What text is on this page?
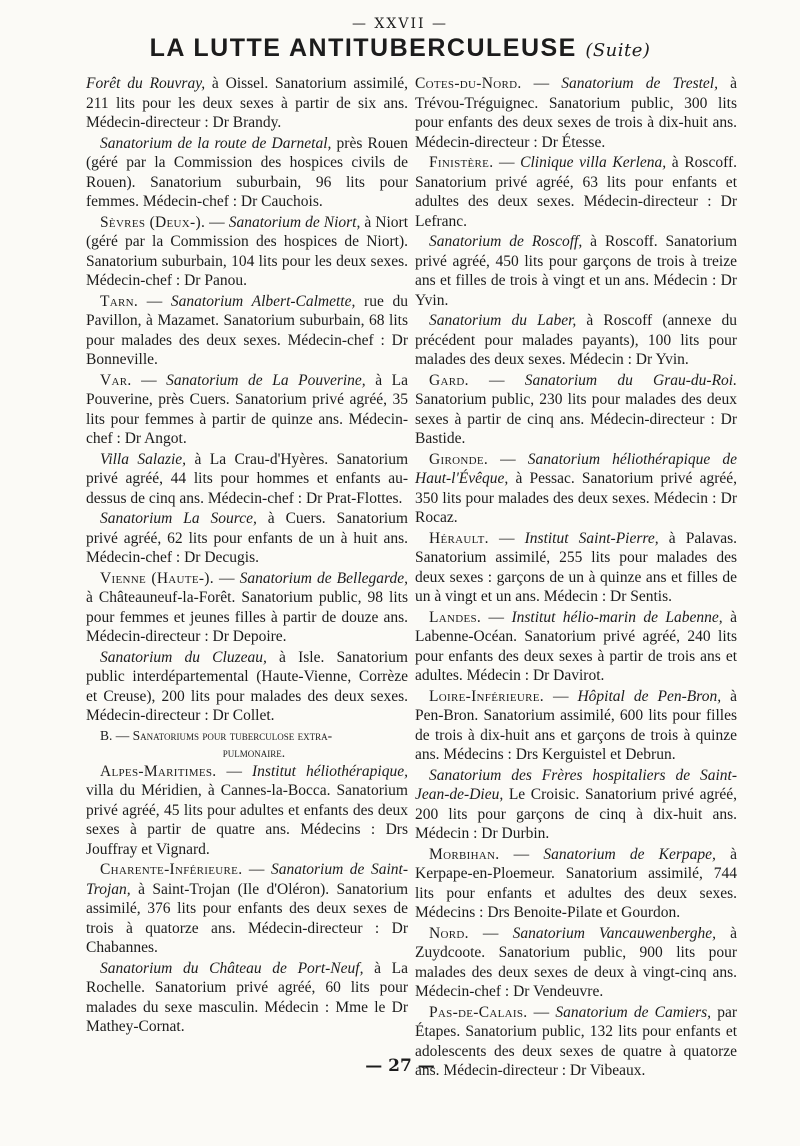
— XXVII —

LA LUTTE ANTITUBERCULEUSE (Suite)

Forêt du Rouvray, à Oissel. Sanatorium assimilé, 211 lits pour les deux sexes à partir de six ans. Médecin-directeur : Dr Brandy.

Sanatorium de la route de Darnetal, près Rouen (géré par la Commission des hospices civils de Rouen). Sanatorium suburbain, 96 lits pour femmes. Médecin-chef : Dr Cauchois.

Sèvres (Deux-). — Sanatorium de Niort, à Niort (géré par la Commission des hospices de Niort). Sanatorium suburbain, 104 lits pour les deux sexes. Médecin-chef : Dr Panou.

Tarn. — Sanatorium Albert-Calmette, rue du Pavillon, à Mazamet. Sanatorium suburbain, 68 lits pour malades des deux sexes. Médecin-chef : Dr Bonneville.

Var. — Sanatorium de La Pouverine, à La Pouverine, près Cuers. Sanatorium privé agréé, 35 lits pour femmes à partir de quinze ans. Médecin-chef : Dr Angot.

Villa Salazie, à La Crau-d'Hyères. Sanatorium privé agréé, 44 lits pour hommes et enfants au-dessus de cinq ans. Médecin-chef : Dr Prat-Flottes.

Sanatorium La Source, à Cuers. Sanatorium privé agréé, 62 lits pour enfants de un à huit ans. Médecin-chef : Dr Decugis.

Vienne (Haute-). — Sanatorium de Bellegarde, à Châteauneuf-la-Forêt. Sanatorium public, 98 lits pour femmes et jeunes filles à partir de douze ans. Médecin-directeur : Dr Depoire.

Sanatorium du Cluzeau, à Isle. Sanatorium public interdépartemental (Haute-Vienne, Corrèze et Creuse), 200 lits pour malades des deux sexes. Médecin-directeur : Dr Collet.

B. — Sanatoriums pour tuberculose extra-
pulmonaire.

Alpes-Maritimes. — Institut héliothérapique, villa du Méridien, à Cannes-la-Bocca. Sanatorium privé agréé, 45 lits pour adultes et enfants des deux sexes à partir de quatre ans. Médecins : Drs Jouffray et Vignard.

Charente-Inférieure. — Sanatorium de Saint-Trojan, à Saint-Trojan (Ile d'Oléron). Sanatorium assimilé, 376 lits pour enfants des deux sexes de trois à quatorze ans. Médecin-directeur : Dr Chabannes.

Sanatorium du Château de Port-Neuf, à La Rochelle. Sanatorium privé agréé, 60 lits pour malades du sexe masculin. Médecin : Mme le Dr Mathey-Cornat.

Cotes-du-Nord. — Sanatorium de Trestel, à Trévou-Tréguignec. Sanatorium public, 300 lits pour enfants des deux sexes de trois à dix-huit ans. Médecin-directeur : Dr Étesse.

Finistère. — Clinique villa Kerlena, à Roscoff. Sanatorium privé agréé, 63 lits pour enfants et adultes des deux sexes. Médecin-directeur : Dr Lefranc.

Sanatorium de Roscoff, à Roscoff. Sanatorium privé agréé, 450 lits pour garçons de trois à treize ans et filles de trois à vingt et un ans. Médecin : Dr Yvin.

Sanatorium du Laber, à Roscoff (annexe du précédent pour malades payants), 100 lits pour malades des deux sexes. Médecin : Dr Yvin.

Gard. — Sanatorium du Grau-du-Roi. Sanatorium public, 230 lits pour malades des deux sexes à partir de cinq ans. Médecin-directeur : Dr Bastide.

Gironde. — Sanatorium héliothérapique de Haut-l'Évêque, à Pessac. Sanatorium privé agréé, 350 lits pour malades des deux sexes. Médecin : Dr Rocaz.

Hérault. — Institut Saint-Pierre, à Palavas. Sanatorium assimilé, 255 lits pour malades des deux sexes : garçons de un à quinze ans et filles de un à vingt et un ans. Médecin : Dr Sentis.

Landes. — Institut hélio-marin de Labenne, à Labenne-Océan. Sanatorium privé agréé, 240 lits pour enfants des deux sexes à partir de trois ans et adultes. Médecin : Dr Davirot.

Loire-Inférieure. — Hôpital de Pen-Bron, à Pen-Bron. Sanatorium assimilé, 600 lits pour filles de trois à dix-huit ans et garçons de trois à quinze ans. Médecins : Drs Kerguistel et Debrun.

Sanatorium des Frères hospitaliers de Saint-Jean-de-Dieu, Le Croisic. Sanatorium privé agréé, 200 lits pour garçons de cinq à dix-huit ans. Médecin : Dr Durbin.

Morbihan. — Sanatorium de Kerpape, à Kerpape-en-Ploemeur. Sanatorium assimilé, 744 lits pour enfants et adultes des deux sexes. Médecins : Drs Benoite-Pilate et Gourdon.

Nord. — Sanatorium Vancauwenberghe, à Zuydcoote. Sanatorium public, 900 lits pour malades des deux sexes de deux à vingt-cinq ans. Médecin-chef : Dr Vendeuvre.

Pas-de-Calais. — Sanatorium de Camiers, par Étapes. Sanatorium public, 132 lits pour enfants et adolescents des deux sexes de quatre à quatorze ans. Médecin-directeur : Dr Vibeaux.

— 27 —
